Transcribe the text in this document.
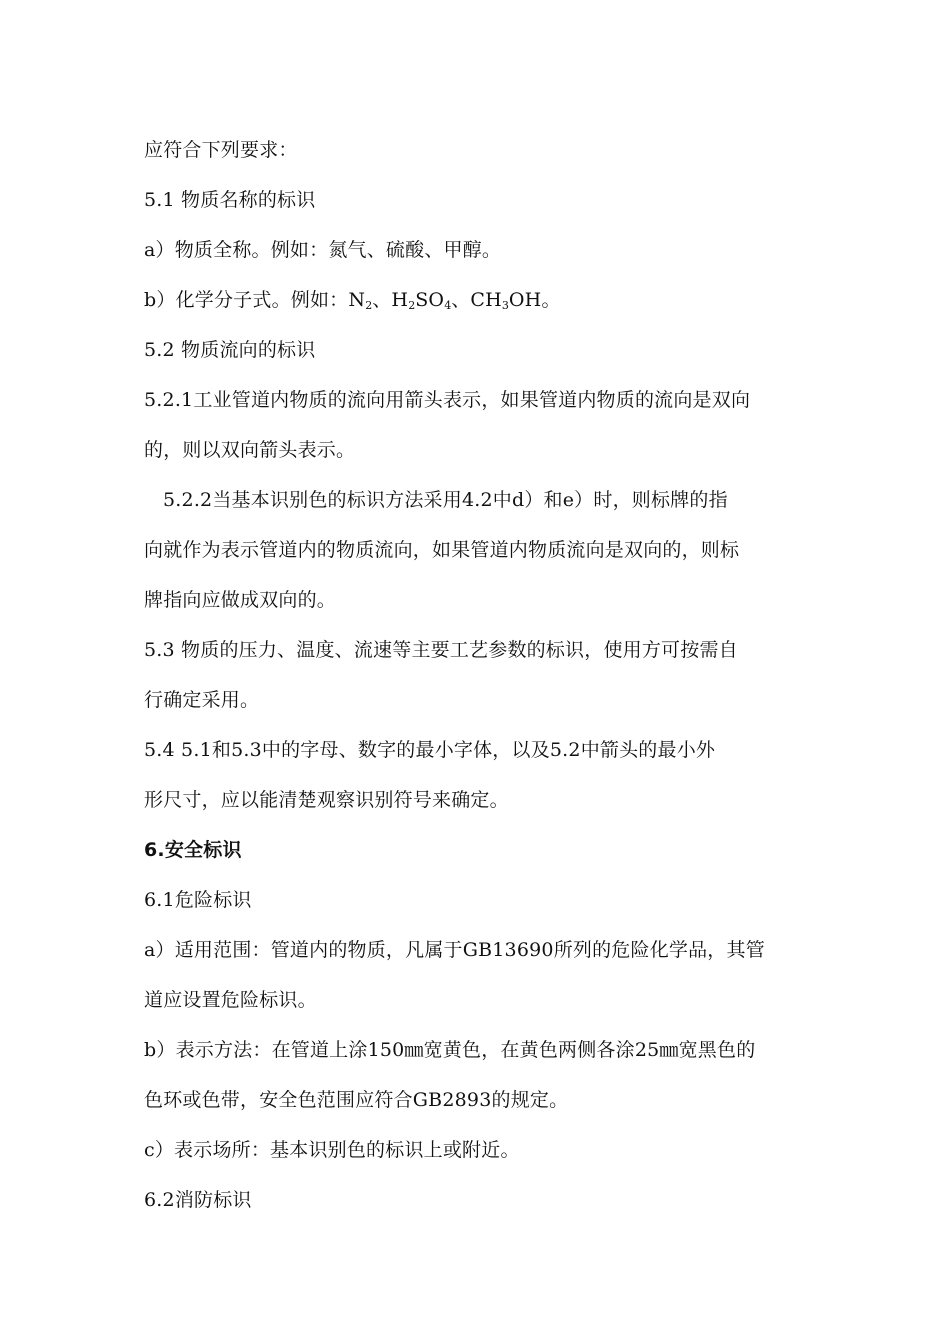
应符合下列要求：
5.1 物质名称的标识
a）物质全称。例如：氮气、硫酸、甲醇。
b）化学分子式。例如：$N_2$、$H_2SO_4$、$CH_3OH$。
5.2 物质流向的标识
5.2.1工业管道内物质的流向用箭头表示，如果管道内物质的流向是双向
的，则以双向箭头表示。
5.2.2当基本识别色的标识方法采用4.2中d）和e）时，则标牌的指
向就作为表示管道内的物质流向，如果管道内物质流向是双向的，则标
牌指向应做成双向的。
5.3 物质的压力、温度、流速等主要工艺参数的标识，使用方可按需自
行确定采用。
5.4 5.1和5.3中的字母、数字的最小字体，以及5.2中箭头的最小外
形尺寸，应以能清楚观察识别符号来确定。
6.安全标识
6.1危险标识
a）适用范围：管道内的物质，凡属于GB13690所列的危险化学品，其管
道应设置危险标识。
b）表示方法：在管道上涂150㎜宽黄色，在黄色两侧各涂25㎜宽黑色的
色环或色带，安全色范围应符合GB2893的规定。
c）表示场所：基本识别色的标识上或附近。
6.2消防标识
